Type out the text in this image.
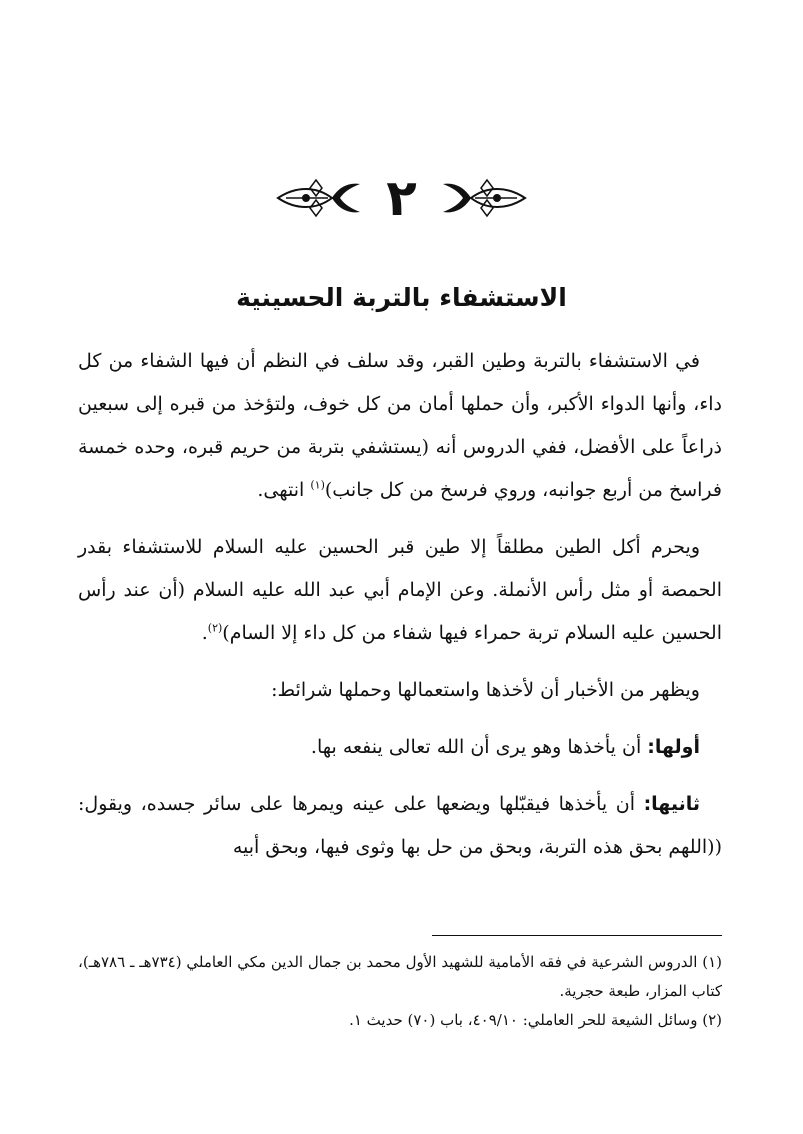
٢
الاستشفاء بالتربة الحسينية

في الاستشفاء بالتربة وطين القبر، وقد سلف في النظم أن فيها الشفاء من كل داء، وأنها الدواء الأكبر، وأن حملها أمان من كل خوف، ولتؤخذ من قبره إلى سبعين ذراعاً على الأفضل، ففي الدروس أنه (يستشفي بتربة من حريم قبره، وحده خمسة فراسخ من أربع جوانبه، وروي فرسخ من كل جانب)$^{(١)}$ انتهى.

ويحرم أكل الطين مطلقاً إلا طين قبر الحسين عليه السلام للاستشفاء بقدر الحمصة أو مثل رأس الأنملة. وعن الإمام أبي عبد الله عليه السلام (أن عند رأس الحسين عليه السلام تربة حمراء فيها شفاء من كل داء إلا السام)$^{(٢)}$.

ويظهر من الأخبار أن لأخذها واستعمالها وحملها شرائط:

أولها: أن يأخذها وهو يرى أن الله تعالى ينفعه بها.

ثانيها: أن يأخذها فيقبّلها ويضعها على عينه ويمرها على سائر جسده، ويقول: ((اللهم بحق هذه التربة، وبحق من حل بها وثوى فيها، وبحق أبيه

(١) الدروس الشرعية في فقه الأمامية للشهيد الأول محمد بن جمال الدين مكي العاملي (٧٣٤هـ ـ ٧٨٦هـ)، كتاب المزار، طبعة حجرية.

(٢) وسائل الشيعة للحر العاملي: ٤٠٩/١٠، باب (٧٠) حديث ١.
